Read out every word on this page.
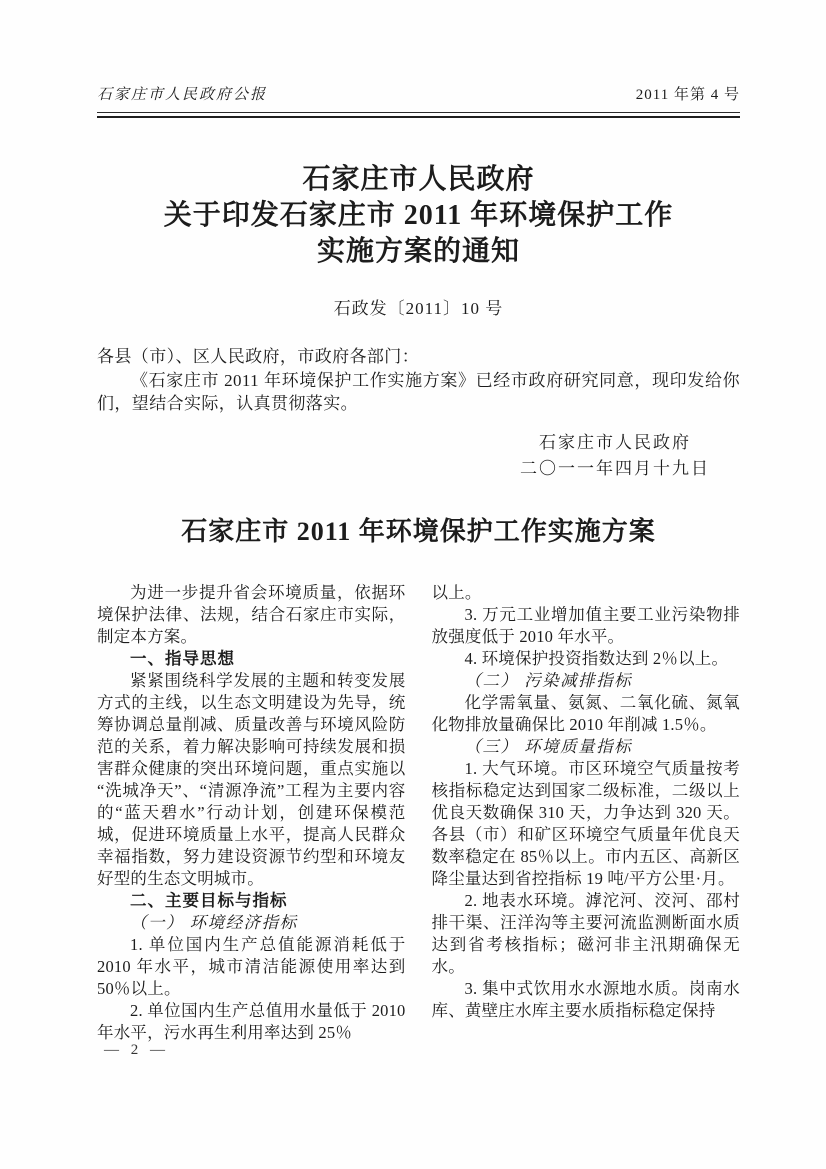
石家庄市人民政府公报	2011 年第 4 号
石家庄市人民政府
关于印发石家庄市 2011 年环境保护工作
实施方案的通知
石政发〔2011〕10 号

各县（市）、区人民政府，市政府各部门：

《石家庄市 2011 年环境保护工作实施方案》已经市政府研究同意，现印发给你们，望结合实际，认真贯彻落实。

石家庄市人民政府
二〇一一年四月十九日
石家庄市 2011 年环境保护工作实施方案

为进一步提升省会环境质量，依据环境保护法律、法规，结合石家庄市实际，制定本方案。

一、指导思想

紧紧围绕科学发展的主题和转变发展方式的主线，以生态文明建设为先导，统筹协调总量削减、质量改善与环境风险防范的关系，着力解决影响可持续发展和损害群众健康的突出环境问题，重点实施以“洗城净天”、“清源净流”工程为主要内容的“蓝天碧水”行动计划，创建环保模范城，促进环境质量上水平，提高人民群众幸福指数，努力建设资源节约型和环境友好型的生态文明城市。

二、主要目标与指标

（一） 环境经济指标

1. 单位国内生产总值能源消耗低于 2010 年水平，城市清洁能源使用率达到 50％以上。

2. 单位国内生产总值用水量低于 2010 年水平，污水再生利用率达到 25％

以上。

3. 万元工业增加值主要工业污染物排放强度低于 2010 年水平。

4. 环境保护投资指数达到 2％以上。

（二） 污染减排指标

化学需氧量、氨氮、二氧化硫、氮氧化物排放量确保比 2010 年削减 1.5％。

（三） 环境质量指标

1. 大气环境。市区环境空气质量按考核指标稳定达到国家二级标准，二级以上优良天数确保 310 天，力争达到 320 天。各县（市）和矿区环境空气质量年优良天数率稳定在 85％以上。市内五区、高新区降尘量达到省控指标 19 吨/平方公里·月。

2. 地表水环境。滹沱河、洨河、邵村排干渠、汪洋沟等主要河流监测断面水质达到省考核指标；磁河非主汛期确保无水。

3. 集中式饮用水水源地水质。岗南水库、黄壁庄水库主要水质指标稳定保持

— 2 —
